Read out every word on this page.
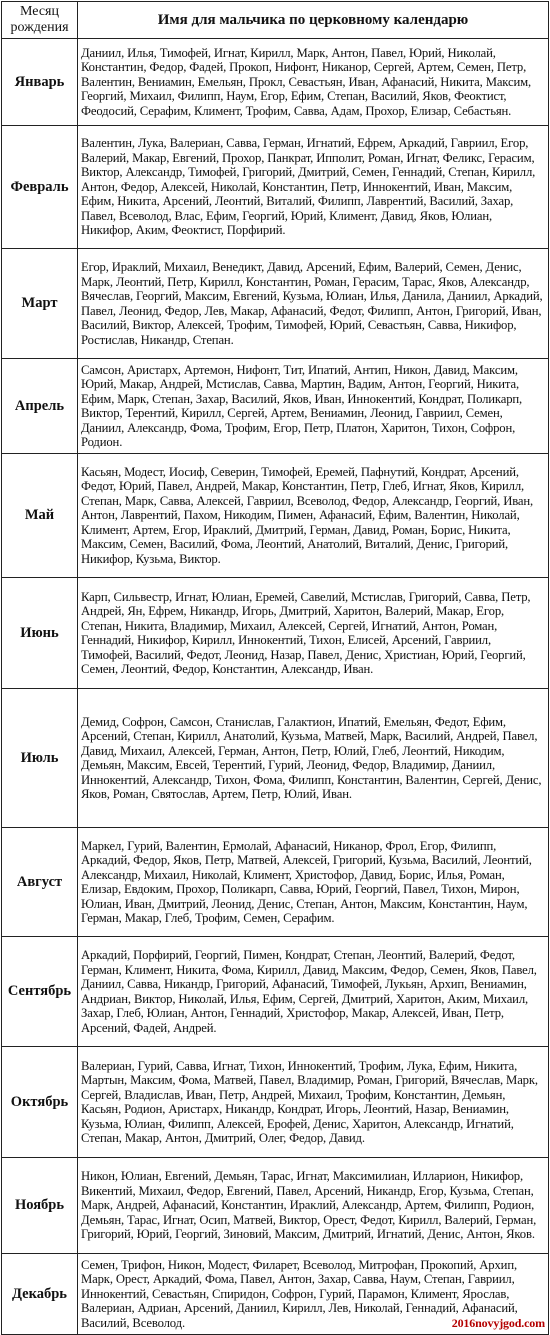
Месяц рождения	Имя для мальчика по церковному календарю
Январь	Даниил, Илья, Тимофей, Игнат, Кирилл, Марк, Антон, Павел, Юрий, Николай, Константин, Федор, Фадей, Прокоп, Нифонт, Никанор, Сергей, Артем, Семен, Петр, Валентин, Вениамин, Емельян, Прокл, Севастьян, Иван, Афанасий, Никита, Максим, Георгий, Михаил, Филипп, Наум, Егор, Ефим, Степан, Василий, Яков, Феоктист, Феодосий, Серафим, Климент, Трофим, Савва, Адам, Прохор, Елизар, Себастьян.
Февраль	Валентин, Лука, Валериан, Савва, Герман, Игнатий, Ефрем, Аркадий, Гавриил, Егор, Валерий, Макар, Евгений, Прохор, Панкрат, Ипполит, Роман, Игнат, Феликс, Герасим, Виктор, Александр, Тимофей, Григорий, Дмитрий, Семен, Геннадий, Степан, Кирилл, Антон, Федор, Алексей, Николай, Константин, Петр, Иннокентий, Иван, Максим, Ефим, Никита, Арсений, Леонтий, Виталий, Филипп, Лаврентий, Василий, Захар, Павел, Всеволод, Влас, Ефим, Георгий, Юрий, Климент, Давид, Яков, Юлиан, Никифор, Аким, Феоктист, Порфирий.
Март	Егор, Ираклий, Михаил, Венедикт, Давид, Арсений, Ефим, Валерий, Семен, Денис, Марк, Леонтий, Петр, Кирилл, Константин, Роман, Герасим, Тарас, Яков, Александр, Вячеслав, Георгий, Максим, Евгений, Кузьма, Юлиан, Илья, Данила, Даниил, Аркадий, Павел, Леонид, Федор, Лев, Макар, Афанасий, Федот, Филипп, Антон, Григорий, Иван, Василий, Виктор, Алексей, Трофим, Тимофей, Юрий, Севастьян, Савва, Никифор, Ростислав, Никандр, Степан.
Апрель	Самсон, Аристарх, Артемон, Нифонт, Тит, Ипатий, Антип, Никон, Давид, Максим, Юрий, Макар, Андрей, Мстислав, Савва, Мартин, Вадим, Антон, Георгий, Никита, Ефим, Марк, Степан, Захар, Василий, Яков, Иван, Иннокентий, Кондрат, Поликарп, Виктор, Терентий, Кирилл, Сергей, Артем, Вениамин, Леонид, Гавриил, Семен, Даниил, Александр, Фома, Трофим, Егор, Петр, Платон, Харитон, Тихон, Софрон, Родион.
Май	Касьян, Модест, Иосиф, Северин, Тимофей, Еремей, Пафнутий, Кондрат, Арсений, Федот, Юрий, Павел, Андрей, Макар, Константин, Петр, Глеб, Игнат, Яков, Кирилл, Степан, Марк, Савва, Алексей, Гавриил, Всеволод, Федор, Александр, Георгий, Иван, Антон, Лаврентий, Пахом, Никодим, Пимен, Афанасий, Ефим, Валентин, Николай, Климент, Артем, Егор, Ираклий, Дмитрий, Герман, Давид, Роман, Борис, Никита, Максим, Семен, Василий, Фома, Леонтий, Анатолий, Виталий, Денис, Григорий, Никифор, Кузьма, Виктор.
Июнь	Карп, Сильвестр, Игнат, Юлиан, Еремей, Савелий, Мстислав, Григорий, Савва, Петр, Андрей, Ян, Ефрем, Никандр, Игорь, Дмитрий, Харитон, Валерий, Макар, Егор, Степан, Никита, Владимир, Михаил, Алексей, Сергей, Игнатий, Антон, Роман, Геннадий, Никифор, Кирилл, Иннокентий, Тихон, Елисей, Арсений, Гавриил, Тимофей, Василий, Федот, Леонид, Назар, Павел, Денис, Христиан, Юрий, Георгий, Семен, Леонтий, Федор, Константин, Александр, Иван.
Июль	Демид, Софрон, Самсон, Станислав, Галактион, Ипатий, Емельян, Федот, Ефим, Арсений, Степан, Кирилл, Анатолий, Кузьма, Матвей, Марк, Василий, Андрей, Павел, Давид, Михаил, Алексей, Герман, Антон, Петр, Юлий, Глеб, Леонтий, Никодим, Демьян, Максим, Евсей, Терентий, Гурий, Леонид, Федор, Владимир, Даниил, Иннокентий, Александр, Тихон, Фома, Филипп, Константин, Валентин, Сергей, Денис, Яков, Роман, Святослав, Артем, Петр, Юлий, Иван.
Август	Маркел, Гурий, Валентин, Ермолай, Афанасий, Никанор, Фрол, Егор, Филипп, Аркадий, Федор, Яков, Петр, Матвей, Алексей, Григорий, Кузьма, Василий, Леонтий, Александр, Михаил, Николай, Климент, Христофор, Давид, Борис, Илья, Роман, Елизар, Евдоким, Прохор, Поликарп, Савва, Юрий, Георгий, Павел, Тихон, Мирон, Юлиан, Иван, Дмитрий, Леонид, Денис, Степан, Антон, Максим, Константин, Наум, Герман, Макар, Глеб, Трофим, Семен, Серафим.
Сентябрь	Аркадий, Порфирий, Георгий, Пимен, Кондрат, Степан, Леонтий, Валерий, Федот, Герман, Климент, Никита, Фома, Кирилл, Давид, Максим, Федор, Семен, Яков, Павел, Даниил, Савва, Никандр, Григорий, Афанасий, Тимофей, Лукьян, Архип, Вениамин, Андриан, Виктор, Николай, Илья, Ефим, Сергей, Дмитрий, Харитон, Аким, Михаил, Захар, Глеб, Юлиан, Антон, Геннадий, Христофор, Макар, Алексей, Иван, Петр, Арсений, Фадей, Андрей.
Октябрь	Валериан, Гурий, Савва, Игнат, Тихон, Иннокентий, Трофим, Лука, Ефим, Никита, Мартын, Максим, Фома, Матвей, Павел, Владимир, Роман, Григорий, Вячеслав, Марк, Сергей, Владислав, Иван, Петр, Андрей, Михаил, Трофим, Константин, Демьян, Касьян, Родион, Аристарх, Никандр, Кондрат, Игорь, Леонтий, Назар, Вениамин, Кузьма, Юлиан, Филипп, Алексей, Ерофей, Денис, Харитон, Александр, Игнатий, Степан, Макар, Антон, Дмитрий, Олег, Федор, Давид.
Ноябрь	Никон, Юлиан, Евгений, Демьян, Тарас, Игнат, Максимилиан, Илларион, Никифор, Викентий, Михаил, Федор, Евгений, Павел, Арсений, Никандр, Егор, Кузьма, Степан, Марк, Андрей, Афанасий, Константин, Ираклий, Александр, Артем, Филипп, Родион, Демьян, Тарас, Игнат, Осип, Матвей, Виктор, Орест, Федот, Кирилл, Валерий, Герман, Григорий, Юрий, Георгий, Зиновий, Максим, Дмитрий, Игнатий, Денис, Антон, Яков.
Декабрь	Семен, Трифон, Никон, Модест, Филарет, Всеволод, Митрофан, Прокопий, Архип, Марк, Орест, Аркадий, Фома, Павел, Антон, Захар, Савва, Наум, Степан, Гавриил, Иннокентий, Севастьян, Спиридон, Софрон, Гурий, Парамон, Климент, Ярослав, Валериан, Адриан, Арсений, Даниил, Кирилл, Лев, Николай, Геннадий, Афанасий, Василий, Всеволод. 2016novyjgod.com
